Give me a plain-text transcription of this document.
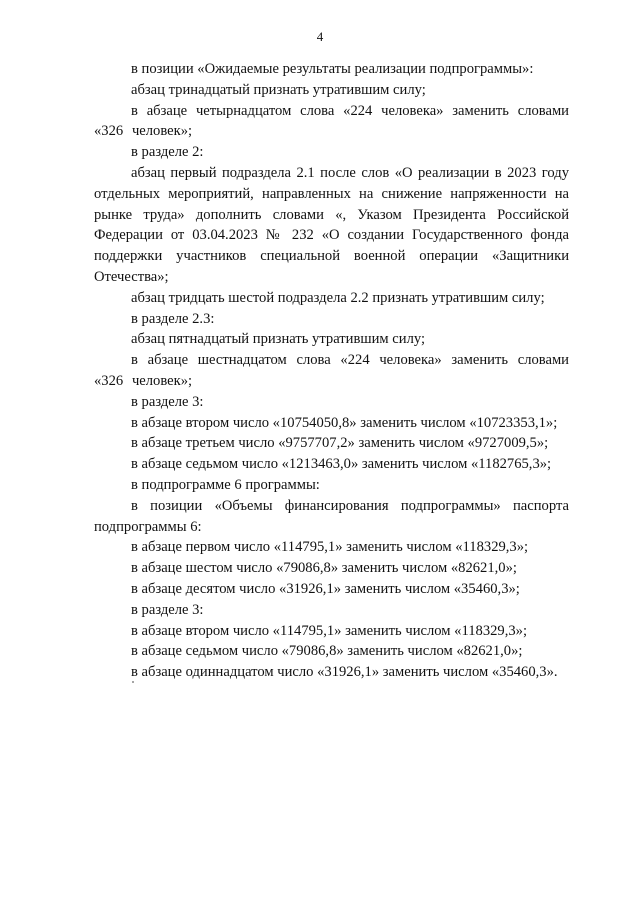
4

в позиции «Ожидаемые результаты реализации подпрограммы»:

абзац тринадцатый признать утратившим силу;

в абзаце четырнадцатом слова «224 человека» заменить словами «326 человек»;

в разделе 2:

абзац первый подраздела 2.1 после слов «О реализации в 2023 году отдельных мероприятий, направленных на снижение напряженности на рынке труда» дополнить словами «, Указом Президента Российской Федерации от 03.04.2023 № 232 «О создании Государственного фонда поддержки участников специальной военной операции «Защитники Отечества»;

абзац тридцать шестой подраздела 2.2 признать утратившим силу;

в разделе 2.3:

абзац пятнадцатый признать утратившим силу;

в абзаце шестнадцатом слова «224 человека» заменить словами «326 человек»;

в разделе 3:

в абзаце втором число «10754050,8» заменить числом «10723353,1»;

в абзаце третьем число «9757707,2» заменить числом «9727009,5»;

в абзаце седьмом число «1213463,0» заменить числом «1182765,3»;

в подпрограмме 6 программы:

в позиции «Объемы финансирования подпрограммы» паспорта подпрограммы 6:

в абзаце первом число «114795,1» заменить числом «118329,3»;

в абзаце шестом число «79086,8» заменить числом «82621,0»;

в абзаце десятом число «31926,1» заменить числом «35460,3»;

в разделе 3:

в абзаце втором число «114795,1» заменить числом «118329,3»;

в абзаце седьмом число «79086,8» заменить числом «82621,0»;

в абзаце одиннадцатом число «31926,1» заменить числом «35460,3».
